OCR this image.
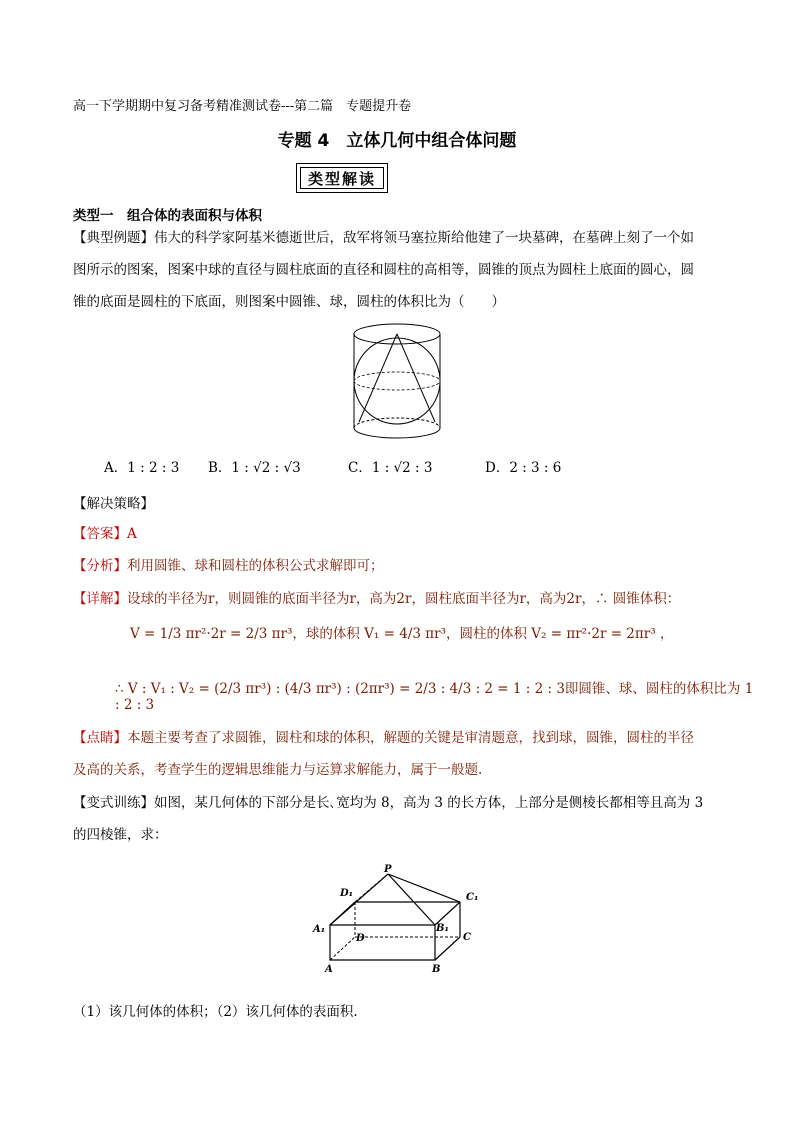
高一下学期期中复习备考精准测试卷---第二篇　专题提升卷
专题 4　立体几何中组合体问题
类型解读
类型一　组合体的表面积与体积
【典型例题】伟大的科学家阿基米德逝世后，敌军将领马塞拉斯给他建了一块墓碑，在墓碑上刻了一个如
图所示的图案，图案中球的直径与圆柱底面的直径和圆柱的高相等，圆锥的顶点为圆柱上底面的圆心，圆
锥的底面是圆柱的下底面，则图案中圆锥、球，圆柱的体积比为（　　）
A．1 : 2 : 3 B．1 : √2 : √3	C．1 : √2 : 3	D．2 : 3 : 6
【解决策略】
【答案】A
【分析】利用圆锥、球和圆柱的体积公式求解即可；
【详解】设球的半径为r，则圆锥的底面半径为r，高为2r，圆柱底面半径为r，高为2r，∴ 圆锥体积：
V = 1/3 πr²·2r = 2/3 πr³，球的体积 V₁ = 4/3 πr³，圆柱的体积 V₂ = πr²·2r = 2πr³ ，
∴ V : V₁ : V₂ = (2/3 πr³) : (4/3 πr³) : (2πr³) = 2/3 : 4/3 : 2 = 1 : 2 : 3即圆锥、球、圆柱的体积比为 1 : 2 : 3
【点睛】本题主要考查了求圆锥，圆柱和球的体积，解题的关键是审清题意，找到球，圆锥，圆柱的半径
及高的关系，考查学生的逻辑思维能力与运算求解能力，属于一般题.
【变式训练】如图，某几何体的下部分是长､宽均为 8，高为 3 的长方体，上部分是侧棱长都相等且高为 3
的四棱锥，求：
P
D₁	C₁
A₁
D
B₁
C
A	B
（1）该几何体的体积；（2）该几何体的表面积.
